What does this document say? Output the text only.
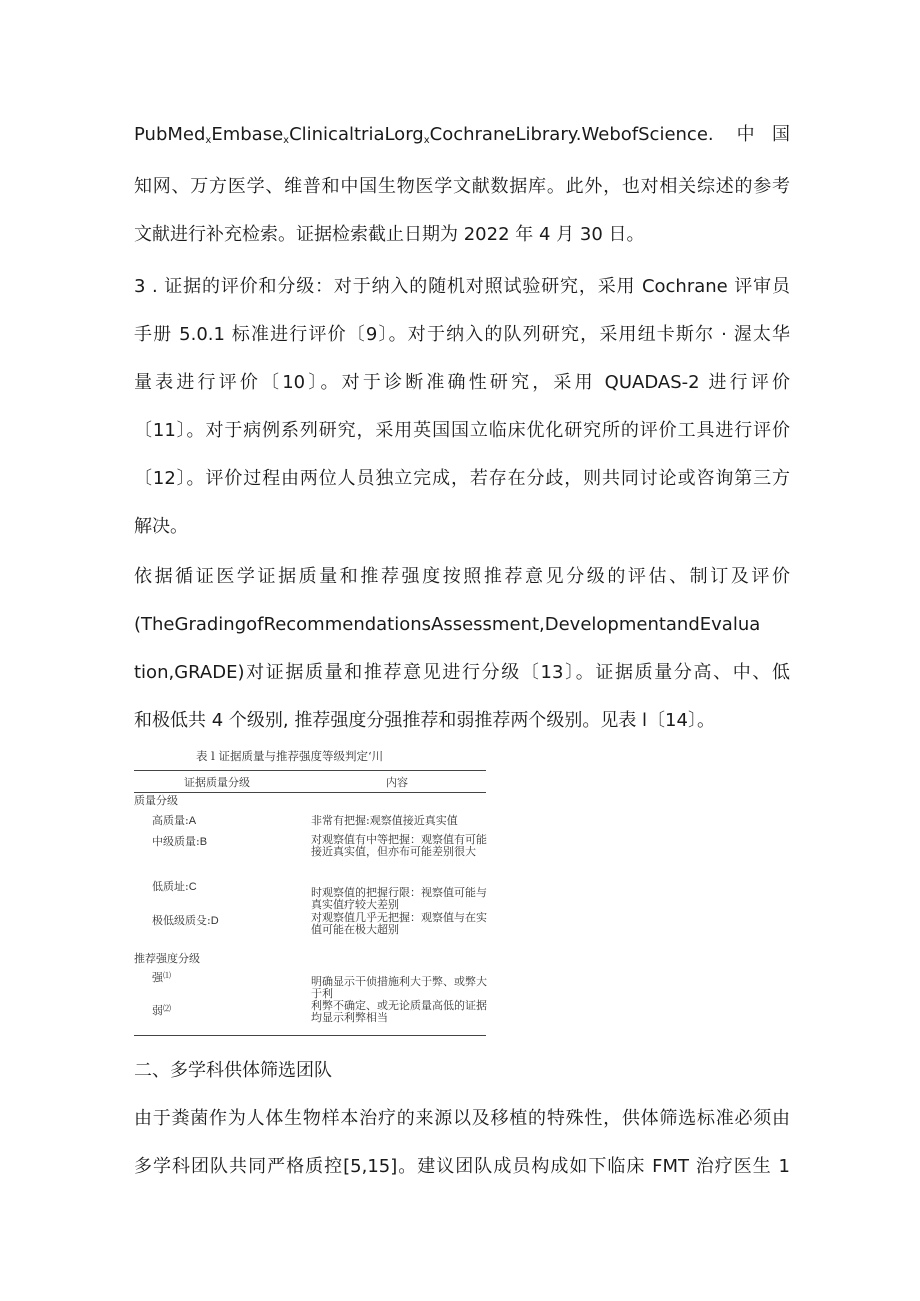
PubMed$_x$Embase$_x$ClinicaltriaLorg$_x$CochraneLibrary.WebofScience. 中国
知网、万方医学、维普和中国生物医学文献数据库。此外，也对相关综述的参考
文献进行补充检索。证据检索截止日期为 2022 年 4 月 30 日。
3 . 证据的评价和分级：对于纳入的随机对照试验研究，采用 Cochrane 评审员
手册 5.0.1 标准进行评价〔9〕。对于纳入的队列研究，采用纽卡斯尔 · 渥太华
量表进行评价〔10〕。对于诊断准确性研究，采用 QUADAS-2 进行评价
〔11〕。对于病例系列研究，采用英国国立临床优化研究所的评价工具进行评价
〔12〕。评价过程由两位人员独立完成，若存在分歧，则共同讨论或咨询第三方
解决。
依据循证医学证据质量和推荐强度按照推荐意见分级的评估、制订及评价
(TheGradingofRecommendationsAssessment,DevelopmentandEvalua
tion,GRADE)对证据质量和推荐意见进行分级〔13〕。证据质量分高、中、低
和极低共 4 个级别, 推荐强度分强推荐和弱推荐两个级别。见表 l〔14〕。
表 l 证据质量与推荐强度等级判定‘川
证据质量分级	内容
质量分级
高质量:A	非常有把握:观察值接近真实值
中级质量:B	对观察值有中等把握：观察值有可能接近真实值，但亦布可能差别很大
低质址:C	时观察值的把握行限：视察值可能与真实值疗较大差别
极低级质殳:D	对观察值几乎无把握：观察值与在实值可能在极大超别
推荐强度分级
强⑴	明确显示干侦措施利大于弊、或弊大于利
弱⑵	利弊不确定、或无论质量高低的证据均显示利弊相当
二、多学科供体筛选团队
由于粪菌作为人体生物样本治疗的来源以及移植的特殊性，供体筛选标准必须由
多学科团队共同严格质控[5,15]。建议团队成员构成如下临床 FMT 治疗医生 1
